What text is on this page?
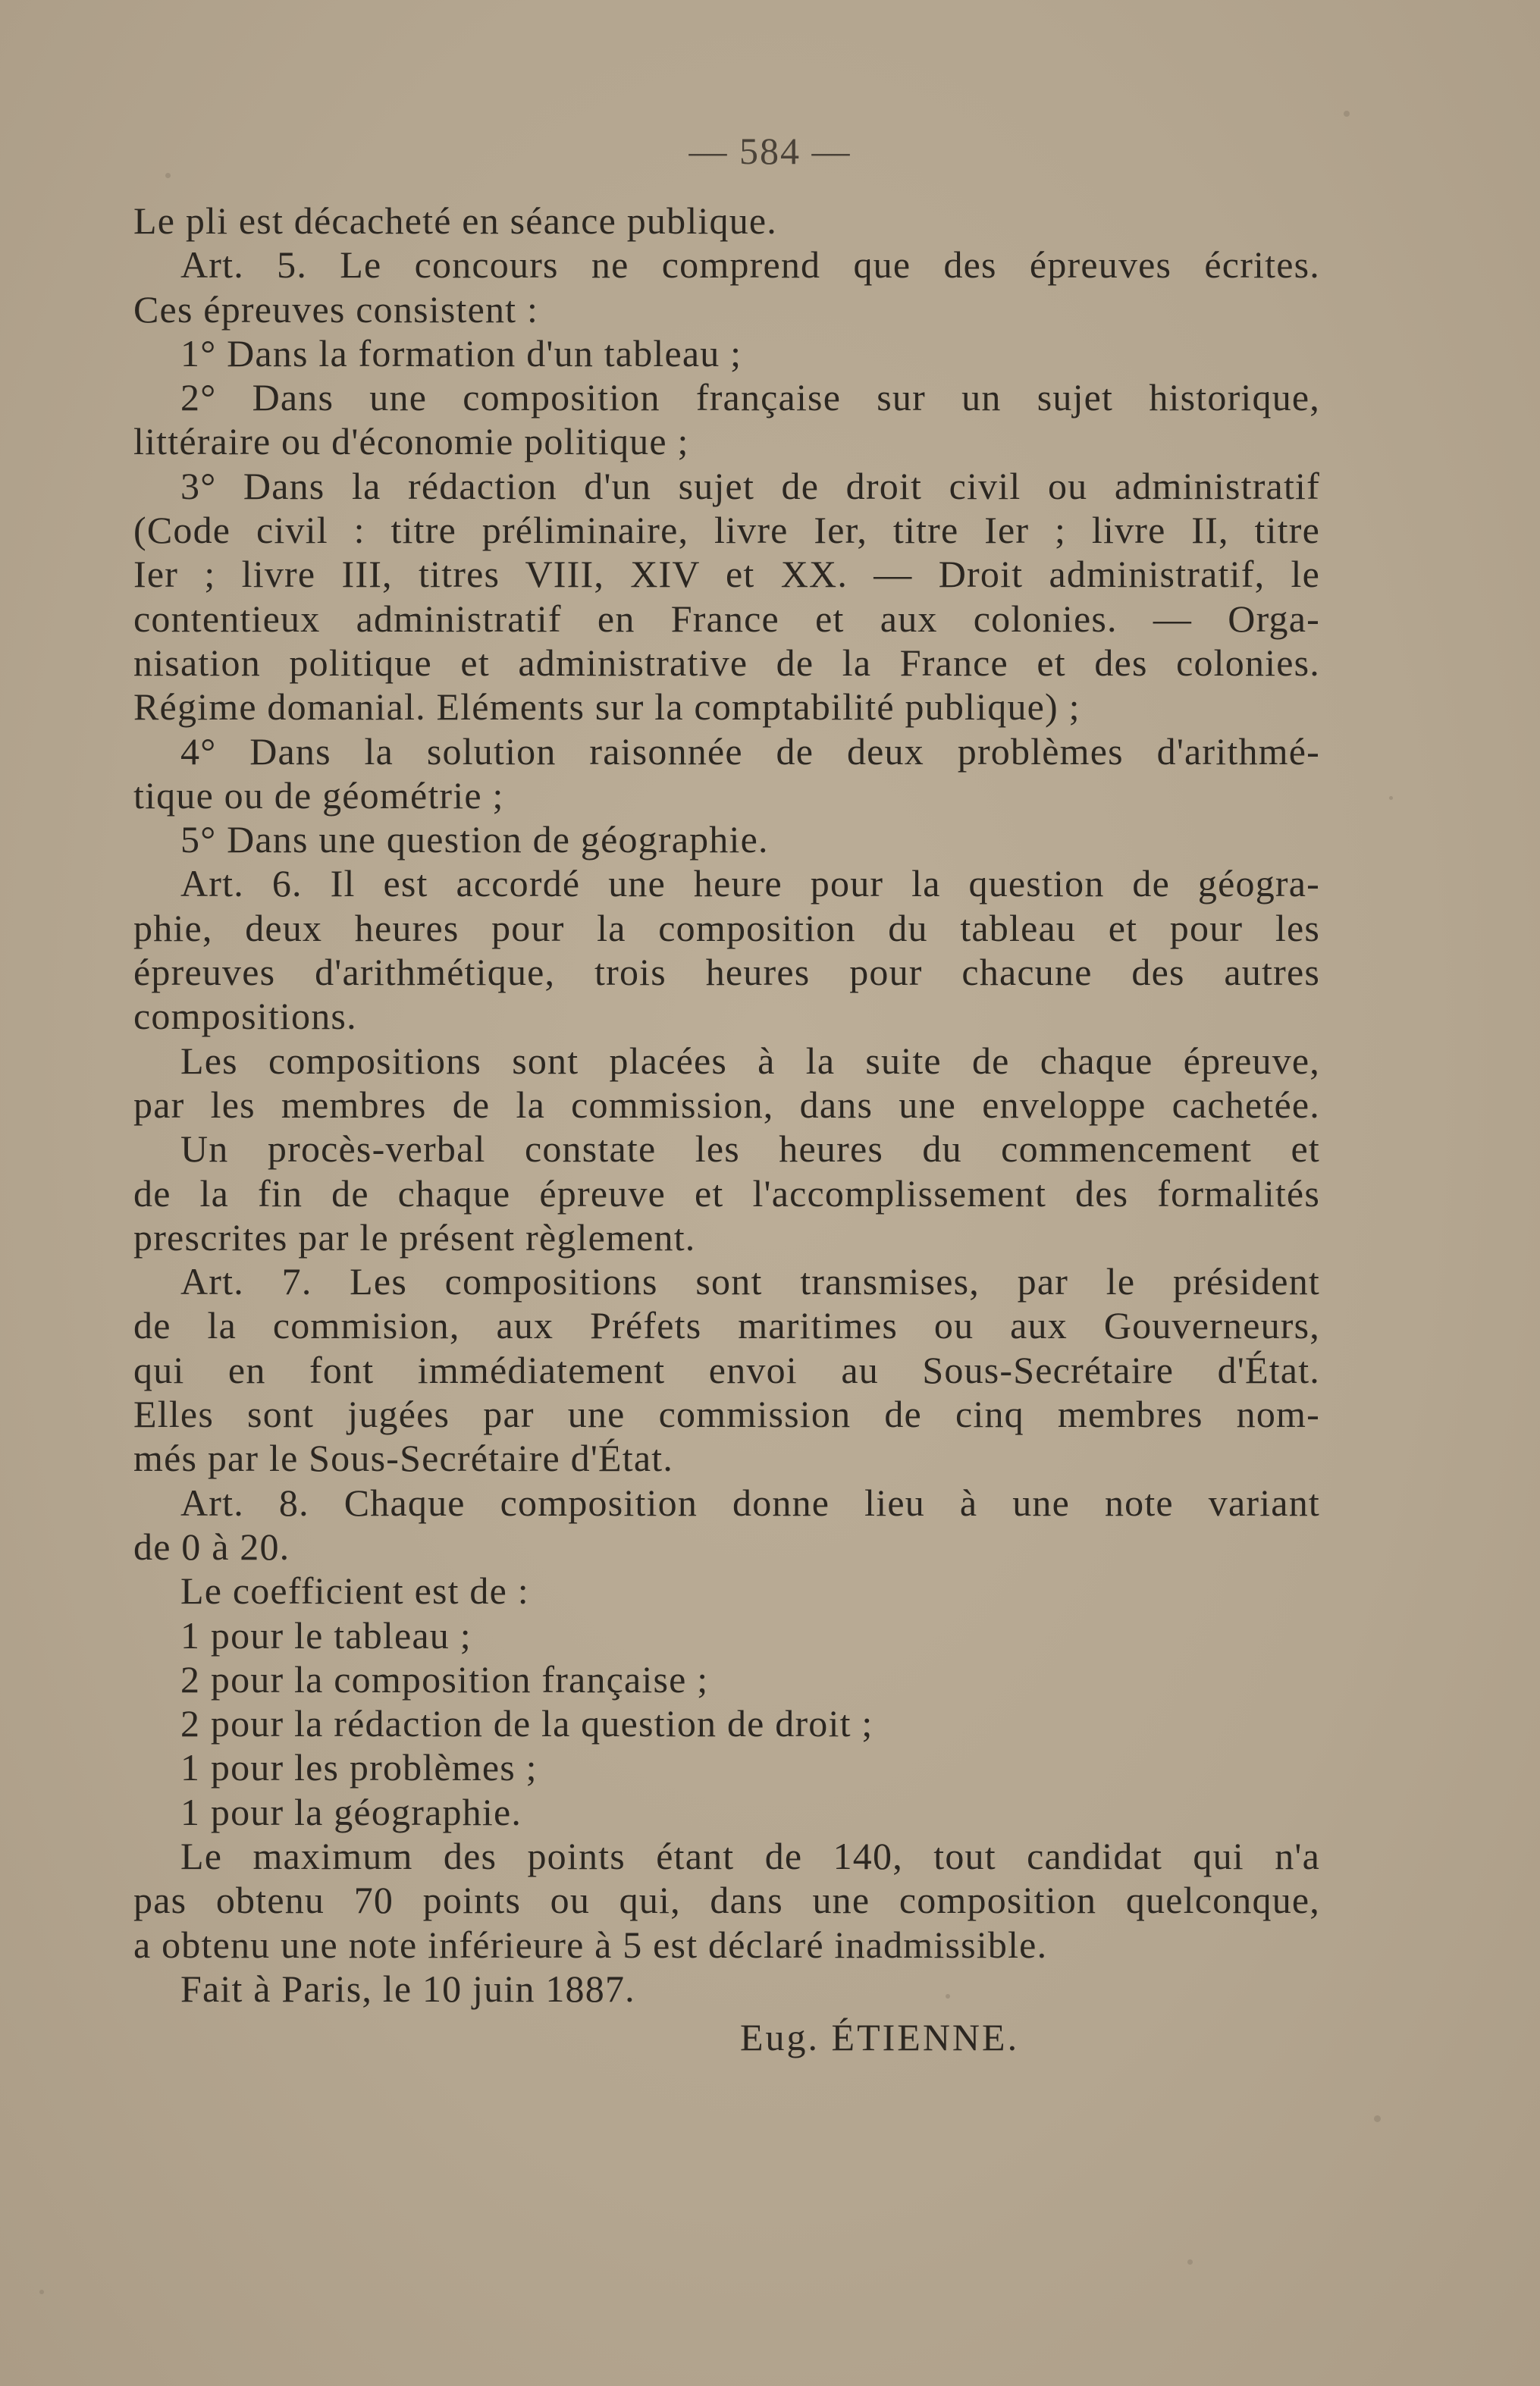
— 584 —
Le pli est décacheté en séance publique.
Art. 5. Le concours ne comprend que des épreuves écrites.
Ces épreuves consistent :
1° Dans la formation d'un tableau ;
2° Dans une composition française sur un sujet historique,
littéraire ou d'économie politique ;
3° Dans la rédaction d'un sujet de droit civil ou administratif
(Code civil : titre préliminaire, livre Ier, titre Ier ; livre II, titre
Ier ; livre III, titres VIII, XIV et XX. — Droit administratif, le
contentieux administratif en France et aux colonies. — Orga-
nisation politique et administrative de la France et des colonies.
Régime domanial. Eléments sur la comptabilité publique) ;
4° Dans la solution raisonnée de deux problèmes d'arithmé-
tique ou de géométrie ;
5° Dans une question de géographie.
Art. 6. Il est accordé une heure pour la question de géogra-
phie, deux heures pour la composition du tableau et pour les
épreuves d'arithmétique, trois heures pour chacune des autres
compositions.
Les compositions sont placées à la suite de chaque épreuve,
par les membres de la commission, dans une enveloppe cachetée.
Un procès-verbal constate les heures du commencement et
de la fin de chaque épreuve et l'accomplissement des formalités
prescrites par le présent règlement.
Art. 7. Les compositions sont transmises, par le président
de la commision, aux Préfets maritimes ou aux Gouverneurs,
qui en font immédiatement envoi au Sous-Secrétaire d'État.
Elles sont jugées par une commission de cinq membres nom-
més par le Sous-Secrétaire d'État.
Art. 8. Chaque composition donne lieu à une note variant
de 0 à 20.
Le coefficient est de :
1 pour le tableau ;
2 pour la composition française ;
2 pour la rédaction de la question de droit ;
1 pour les problèmes ;
1 pour la géographie.
Le maximum des points étant de 140, tout candidat qui n'a
pas obtenu 70 points ou qui, dans une composition quelconque,
a obtenu une note inférieure à 5 est déclaré inadmissible.
Fait à Paris, le 10 juin 1887.
Eug. ÉTIENNE.
